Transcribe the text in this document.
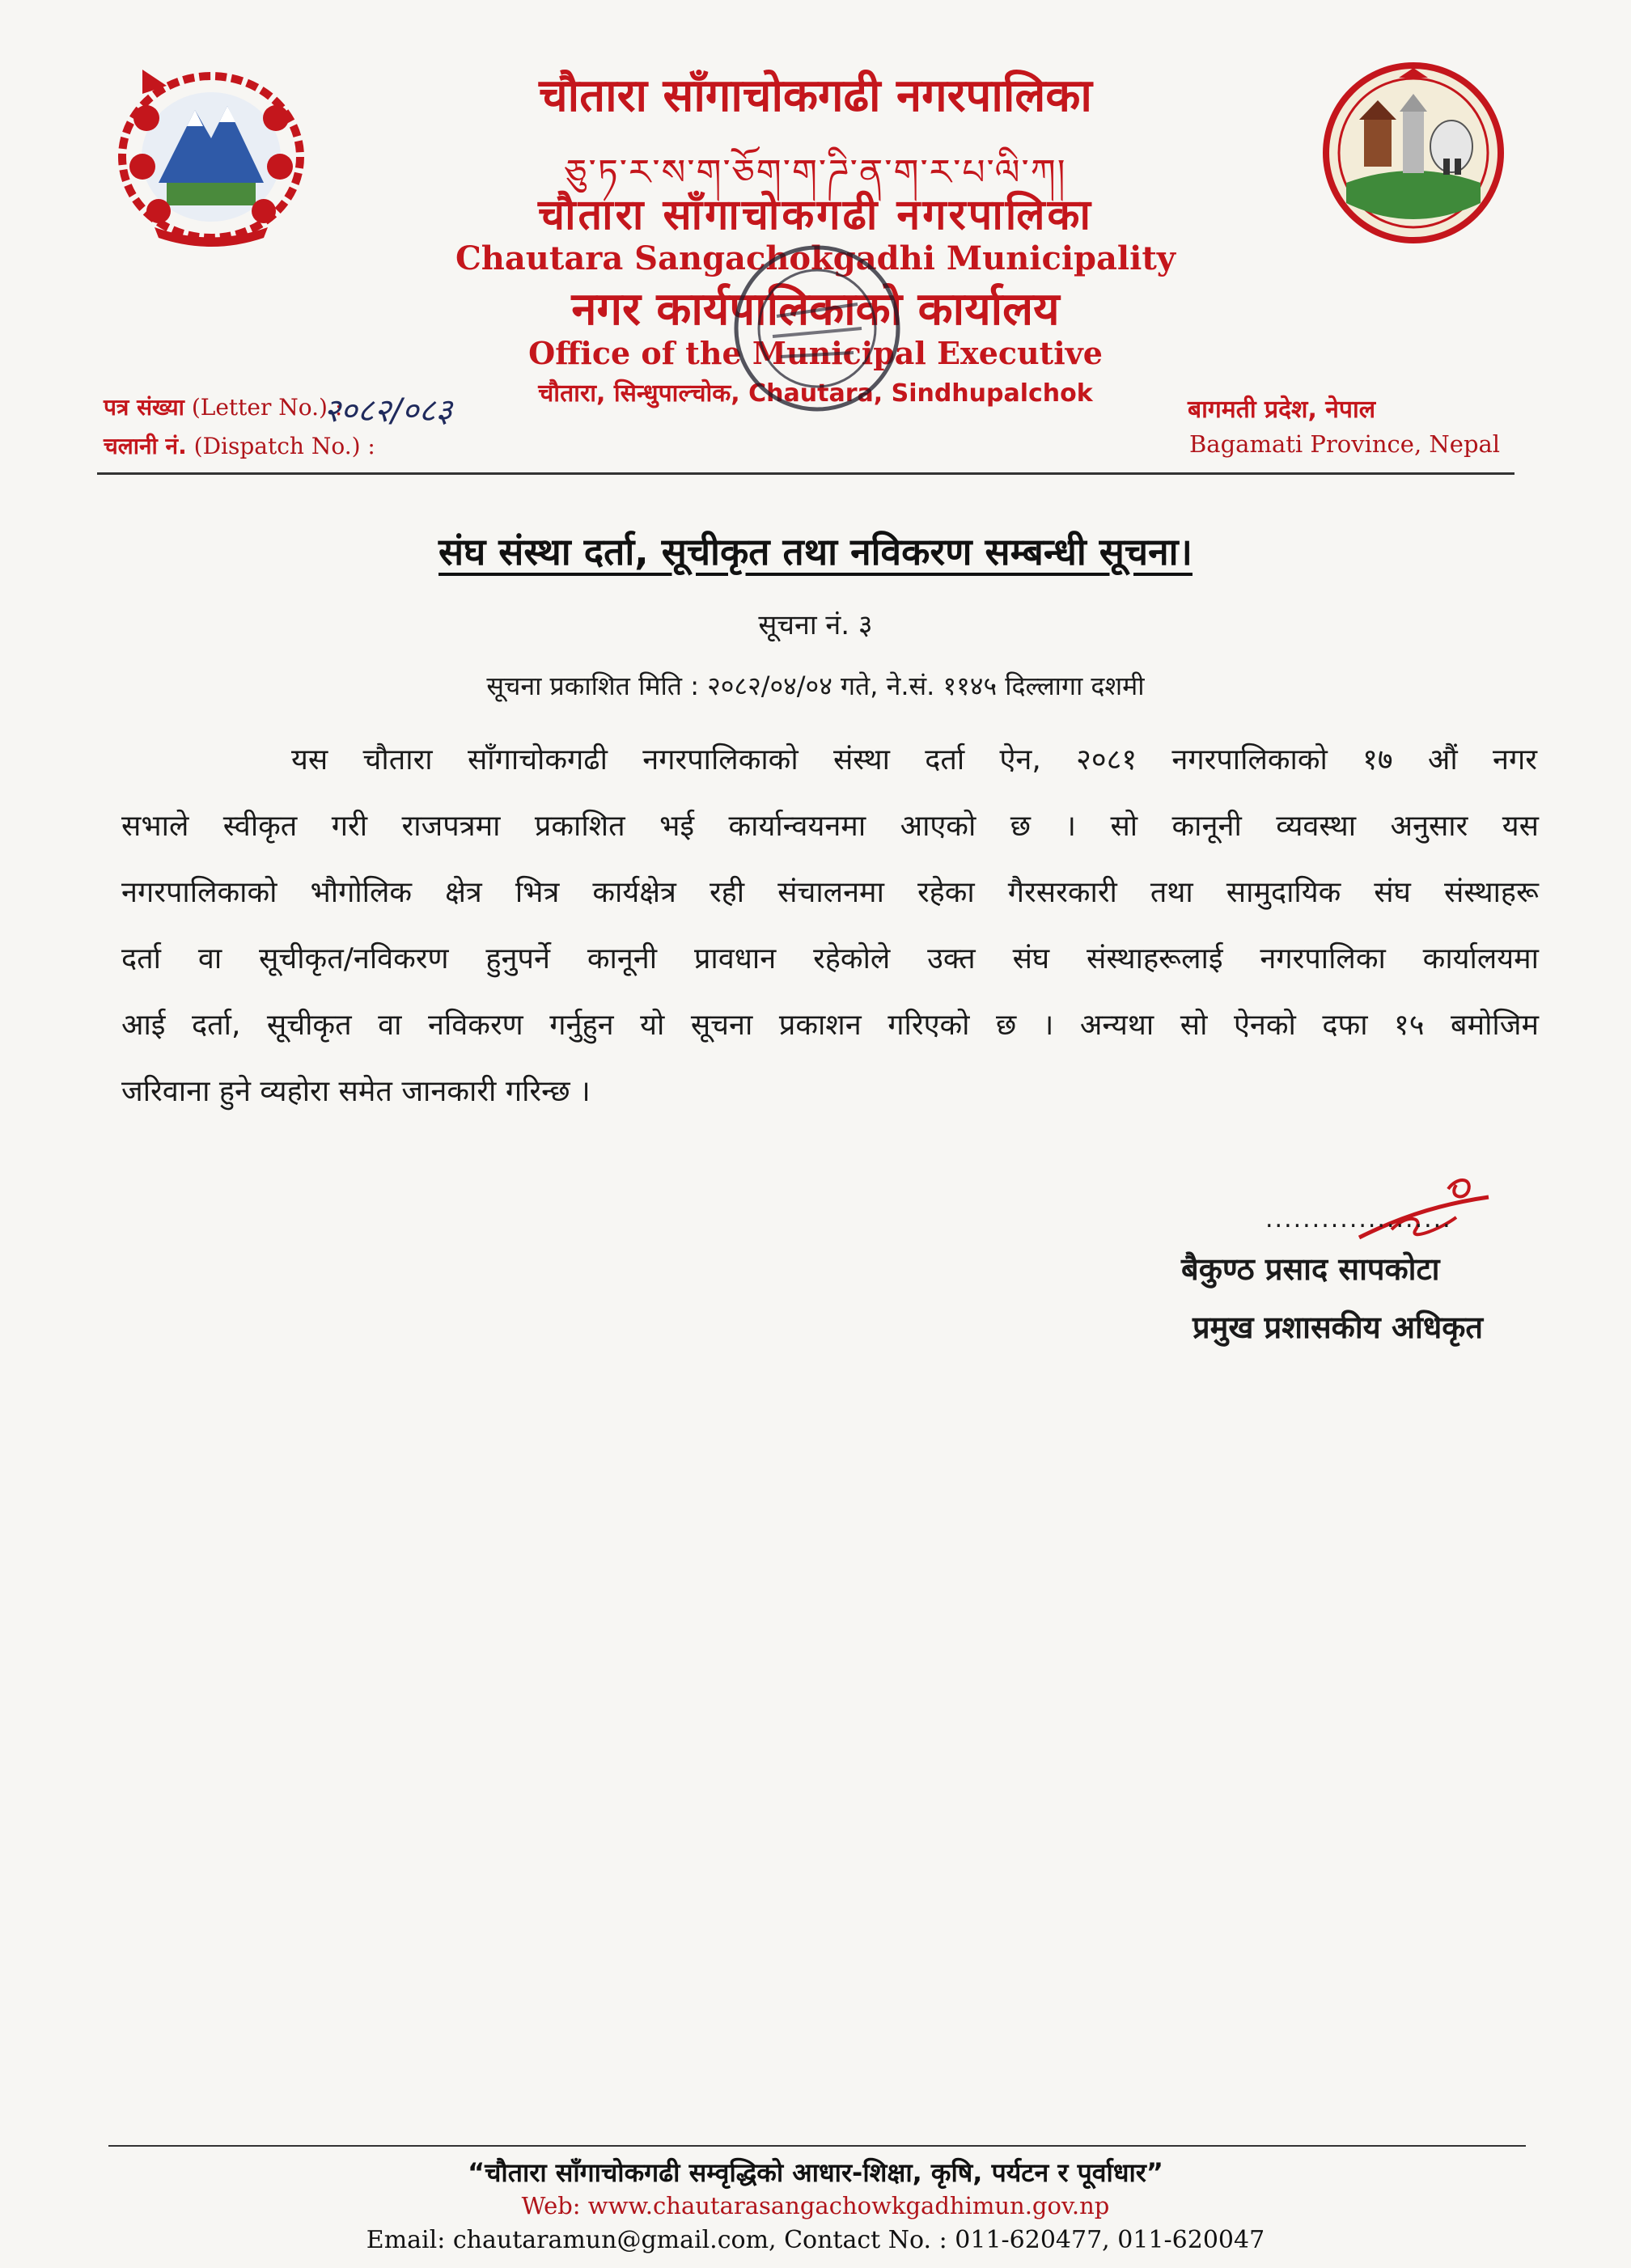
चौतारा साँगाचोकगढी नगरपालिका
ཅུ་ཏ་ར་ས་ག་ཅོག་ག་ཌི་ན་ག་ར་པ་ལི་ཀ།
चौतारा साँगाचोकगढी नगरपालिका
Chautara Sangachokgadhi Municipality
नगर कार्यपालिकाको कार्यालय
Office of the Municipal Executive
चौतारा, सिन्धुपाल्चोक, Chautara, Sindhupalchok
पत्र संख्या (Letter No.) :
२०८२/०८३
चलानी नं. (Dispatch No.) :
बागमती प्रदेश, नेपाल
Bagamati Province, Nepal
संघ संस्था दर्ता, सूचीकृत तथा नविकरण सम्बन्धी सूचना।
सूचना नं. ३
सूचना प्रकाशित मिति : २०८२/०४/०४ गते, ने.सं. ११४५ दिल्लागा दशमी
यस चौतारा साँगाचोकगढी नगरपालिकाको संस्था दर्ता ऐन, २०८१ नगरपालिकाको १७ औं नगर
सभाले स्वीकृत गरी राजपत्रमा प्रकाशित भई कार्यान्वयनमा आएको छ । सो कानूनी व्यवस्था अनुसार यस
नगरपालिकाको भौगोलिक क्षेत्र भित्र कार्यक्षेत्र रही संचालनमा रहेका गैरसरकारी तथा सामुदायिक संघ संस्थाहरू
दर्ता वा सूचीकृत/नविकरण हुनुपर्ने कानूनी प्रावधान रहेकोले उक्त संघ संस्थाहरूलाई नगरपालिका कार्यालयमा
आई दर्ता, सूचीकृत वा नविकरण गर्नुहुन यो सूचना प्रकाशन गरिएको छ । अन्यथा सो ऐनको दफा १५ बमोजिम
जरिवाना हुने व्यहोरा समेत जानकारी गरिन्छ ।
....................
बैकुण्ठ प्रसाद सापकोटा
प्रमुख प्रशासकीय अधिकृत
“चौतारा साँगाचोकगढी सम्वृद्धिको आधार-शिक्षा, कृषि, पर्यटन र पूर्वाधार”
Web: www.chautarasangachowkgadhimun.gov.np
Email: chautaramun@gmail.com, Contact No. : 011-620477, 011-620047
